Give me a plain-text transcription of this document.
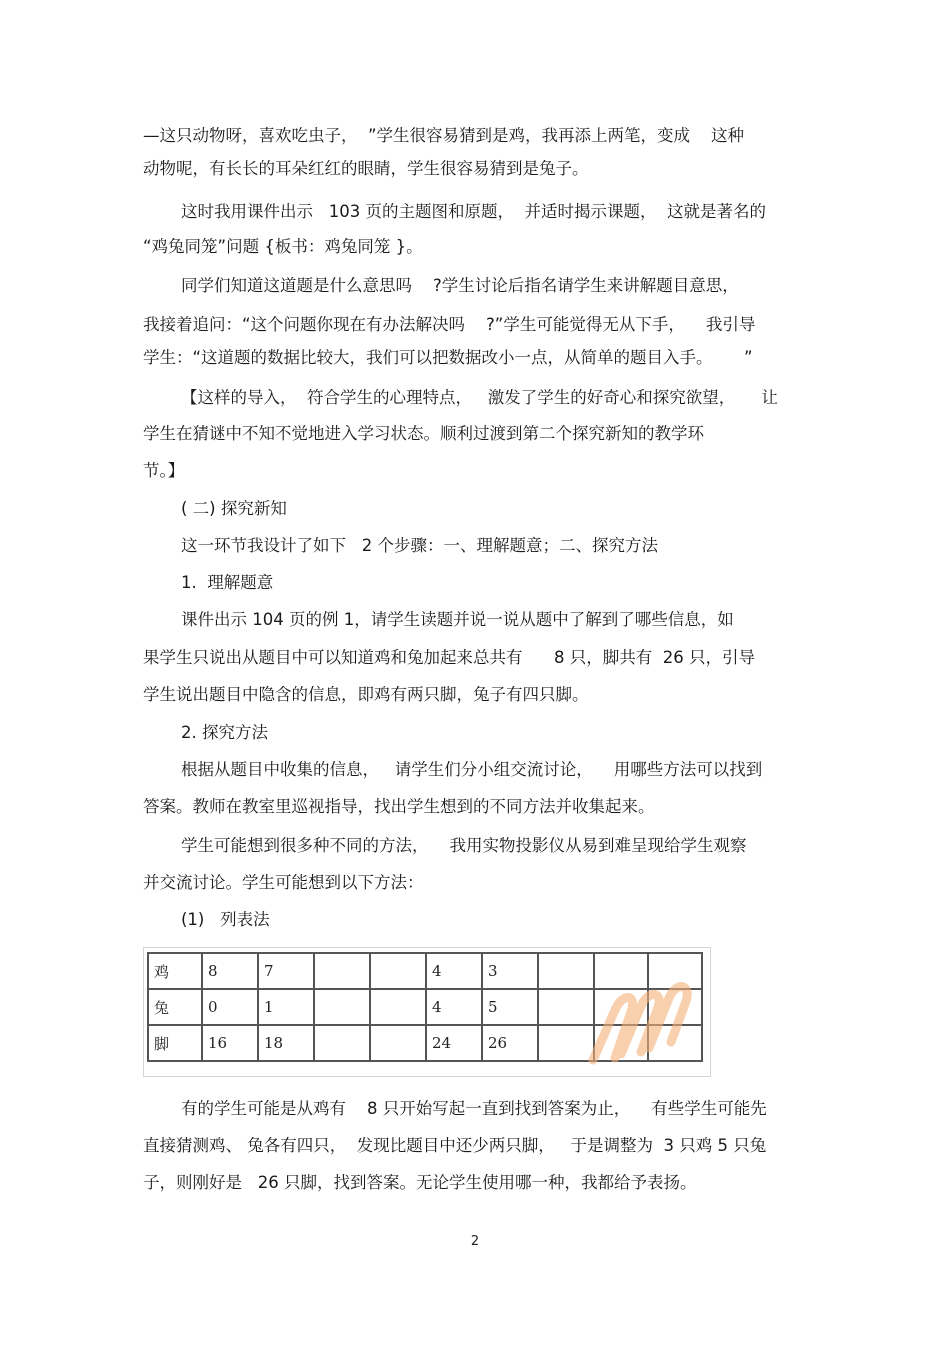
—这只动物呀，喜欢吃虫子，  ”学生很容易猜到是鸡，我再添上两笔，变成    这种

动物呢，有长长的耳朵红红的眼睛，学生很容易猜到是兔子。

这时我用课件出示   103 页的主题图和原题，  并适时揭示课题，  这就是著名的

“鸡兔同笼”问题 {板书：鸡兔同笼 }。

同学们知道这道题是什么意思吗    ?学生讨论后指名请学生来讲解题目意思，

我接着追问：“这个问题你现在有办法解决吗    ?”学生可能觉得无从下手，    我引导

学生：“这道题的数据比较大，我们可以把数据改小一点，从简单的题目入手。      ”

【这样的导入，  符合学生的心理特点，   激发了学生的好奇心和探究欲望，     让

学生在猜谜中不知不觉地进入学习状态。顺利过渡到第二个探究新知的教学环

节。】

( 二) 探究新知

这一环节我设计了如下   2 个步骤：一、理解题意；二、探究方法

1.  理解题意

课件出示 104 页的例 1，请学生读题并说一说从题中了解到了哪些信息，如

果学生只说出从题目中可以知道鸡和兔加起来总共有      8 只，脚共有  26 只，引导

学生说出题目中隐含的信息，即鸡有两只脚，兔子有四只脚。

2. 探究方法

根据从题目中收集的信息，   请学生们分小组交流讨论，    用哪些方法可以找到

答案。教师在教室里巡视指导，找出学生想到的不同方法并收集起来。

学生可能想到很多种不同的方法，    我用实物投影仪从易到难呈现给学生观察

并交流讨论。学生可能想到以下方法：

(1)   列表法

鸡	8	7			4	3			
兔	0	1			4	5			
脚	16	18			24	26			

有的学生可能是从鸡有    8 只开始写起一直到找到答案为止，    有些学生可能先

直接猜测鸡、 兔各有四只，  发现比题目中还少两只脚，   于是调整为  3 只鸡 5 只兔

子，则刚好是   26 只脚，找到答案。无论学生使用哪一种，我都给予表扬。

2
